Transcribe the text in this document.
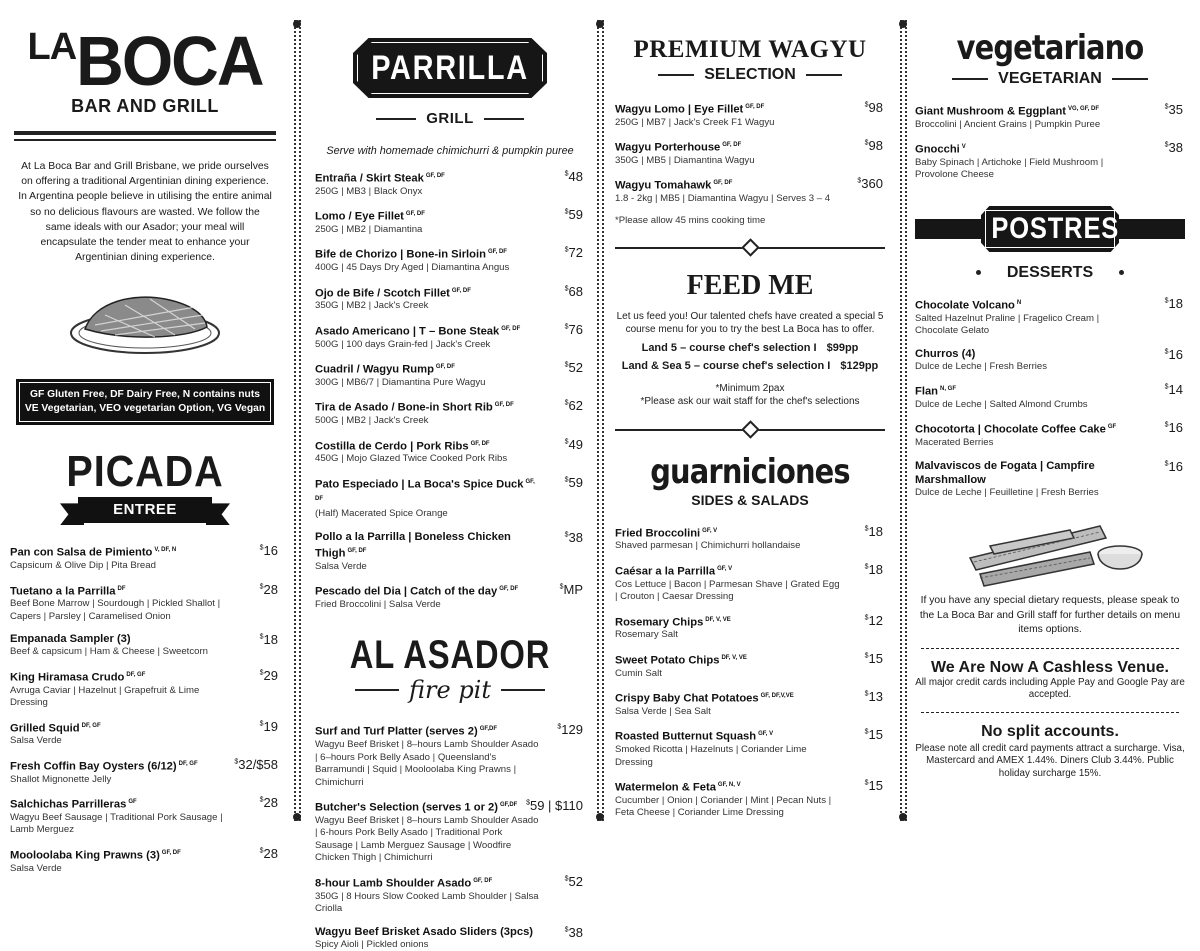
LABOCA
BAR AND GRILL

At La Boca Bar and Grill Brisbane, we pride ourselves on offering a traditional Argentinian dining experience. In Argentina people believe in utilising the entire animal so no delicious flavours are wasted. We follow the same ideals with our Asador; your meal will encapsulate the tender meat to enhance your Argentinian dining experience.

GF Gluten Free, DF Dairy Free, N contains nuts
VE Vegetarian, VEO vegetarian Option, VG Vegan
PICADA
ENTREE
Pan con Salsa de Pimiento $^{V, DF, N}$
Capsicum & Olive Dip | Pita Bread
$16
Tuetano a la Parrilla $^{DF}$
Beef Bone Marrow | Sourdough | Pickled Shallot | Capers | Parsley | Caramelised Onion
$28
Empanada Sampler (3)
Beef & capsicum | Ham & Cheese | Sweetcorn
$18
King Hiramasa Crudo $^{DF, GF}$
Avruga Caviar | Hazelnut | Grapefruit & Lime Dressing
$29
Grilled Squid $^{DF, GF}$
Salsa Verde
$19
Fresh Coffin Bay Oysters (6/12) $^{DF, GF}$
Shallot Mignonette Jelly
$32/$58
Salchichas Parrilleras $^{GF}$
Wagyu Beef Sausage | Traditional Pork Sausage | Lamb Merguez
$28
Mooloolaba King Prawns (3) $^{GF, DF}$
Salsa Verde
$28
PARRILLA
GRILL
Serve with homemade chimichurri & pumpkin puree
Entraña / Skirt Steak $^{GF, DF}$
250G | MB3 | Black Onyx
$48
Lomo / Eye Fillet $^{GF, DF}$
250G | MB2 | Diamantina
$59
Bife de Chorizo | Bone-in Sirloin $^{GF, DF}$
400G | 45 Days Dry Aged | Diamantina Angus
$72
Ojo de Bife / Scotch Fillet $^{GF, DF}$
350G | MB2 | Jack's Creek
$68
Asado Americano | T – Bone Steak $^{GF, DF}$
500G | 100 days Grain-fed | Jack's Creek
$76
Cuadril / Wagyu Rump $^{GF, DF}$
300G | MB6/7 | Diamantina Pure Wagyu
$52
Tira de Asado / Bone-in Short Rib $^{GF, DF}$
500G | MB2 | Jack's Creek
$62
Costilla de Cerdo | Pork Ribs $^{GF, DF}$
450G | Mojo Glazed Twice Cooked Pork Ribs
$49
Pato Especiado | La Boca's Spice Duck $^{GF, DF}$
(Half) Macerated Spice Orange
$59
Pollo a la Parrilla | Boneless Chicken Thigh $^{GF, DF}$
Salsa Verde
$38
Pescado del Dia | Catch of the day $^{GF, DF}$
Fried Broccolini | Salsa Verde
$MP
AL ASADOR
fire pit
Surf and Turf Platter (serves 2) $^{GF,DF}$
Wagyu Beef Brisket | 8–hours Lamb Shoulder Asado | 6–hours Pork Belly Asado | Queensland's Barramundi | Squid | Mooloolaba King Prawns | Chimichurri
$129
Butcher's Selection (serves 1 or 2) $^{GF,DF}$
Wagyu Beef Brisket | 8–hours Lamb Shoulder Asado | 6-hours Pork Belly Asado | Traditional Pork Sausage | Lamb Merguez Sausage | Woodfire Chicken Thigh | Chimichurri
$59 | $110
8-hour Lamb Shoulder Asado $^{GF, DF}$
350G | 8 Hours Slow Cooked Lamb Shoulder | Salsa Criolla
$52
Wagyu Beef Brisket Asado Sliders (3pcs)
Spicy Aioli | Pickled onions
$38
PREMIUM WAGYU
SELECTION
Wagyu Lomo | Eye Fillet $^{GF, DF}$
250G | MB7 | Jack's Creek F1 Wagyu
$98
Wagyu Porterhouse $^{GF, DF}$
350G | MB5 | Diamantina Wagyu
$98
Wagyu Tomahawk $^{GF, DF}$
1.8 - 2kg | MB5 | Diamantina Wagyu | Serves 3 – 4
$360
*Please allow 45 mins cooking time
FEED ME

Let us feed you! Our talented chefs have created a special 5 course menu for you to try the best La Boca has to offer.

Land 5 – course chef's selection I $99pp
Land & Sea 5 – course chef's selection I $129pp

*Minimum 2pax

*Please ask our wait staff for the chef's selections

guarniciones
SIDES & SALADS
Fried Broccolini $^{GF, V}$
Shaved parmesan | Chimichurri hollandaise
$18
Caésar a la Parrilla $^{GF, V}$
Cos Lettuce | Bacon | Parmesan Shave | Grated Egg | Crouton | Caesar Dressing
$18
Rosemary Chips $^{DF, V, VE}$
Rosemary Salt
$12
Sweet Potato Chips $^{DF, V, VE}$
Cumin Salt
$15
Crispy Baby Chat Potatoes $^{GF, DF,V,VE}$
Salsa Verde | Sea Salt
$13
Roasted Butternut Squash $^{GF, V}$
Smoked Ricotta | Hazelnuts | Coriander Lime Dressing
$15
Watermelon & Feta $^{GF, N, V}$
Cucumber | Onion | Coriander | Mint | Pecan Nuts | Feta Cheese | Coriander Lime Dressing
$15
vegetariano
VEGETARIAN
Giant Mushroom & Eggplant $^{VG, GF, DF}$
Broccolini | Ancient Grains | Pumpkin Puree
$35
Gnocchi $^V$
Baby Spinach | Artichoke | Field Mushroom | Provolone Cheese
$38
POSTRES
DESSERTS
Chocolate Volcano $^N$
Salted Hazelnut Praline | Fragelico Cream | Chocolate Gelato
$18
Churros (4)
Dulce de Leche | Fresh Berries
$16
Flan $^{N, GF}$
Dulce de Leche | Salted Almond Crumbs
$14
Chocotorta | Chocolate Coffee Cake $^{GF}$
Macerated Berries
$16
Malvaviscos de Fogata | Campfire Marshmallow
Dulce de Leche | Feuilletine | Fresh Berries
$16

If you have any special dietary requests, please speak to the La Boca Bar and Grill staff for further details on menu items options.

We Are Now A Cashless Venue.

All major credit cards including Apple Pay and Google Pay are accepted.

No split accounts.

Please note all credit card payments attract a surcharge. Visa, Mastercard and AMEX 1.44%. Diners Club 3.44%. Public holiday surcharge 15%.
